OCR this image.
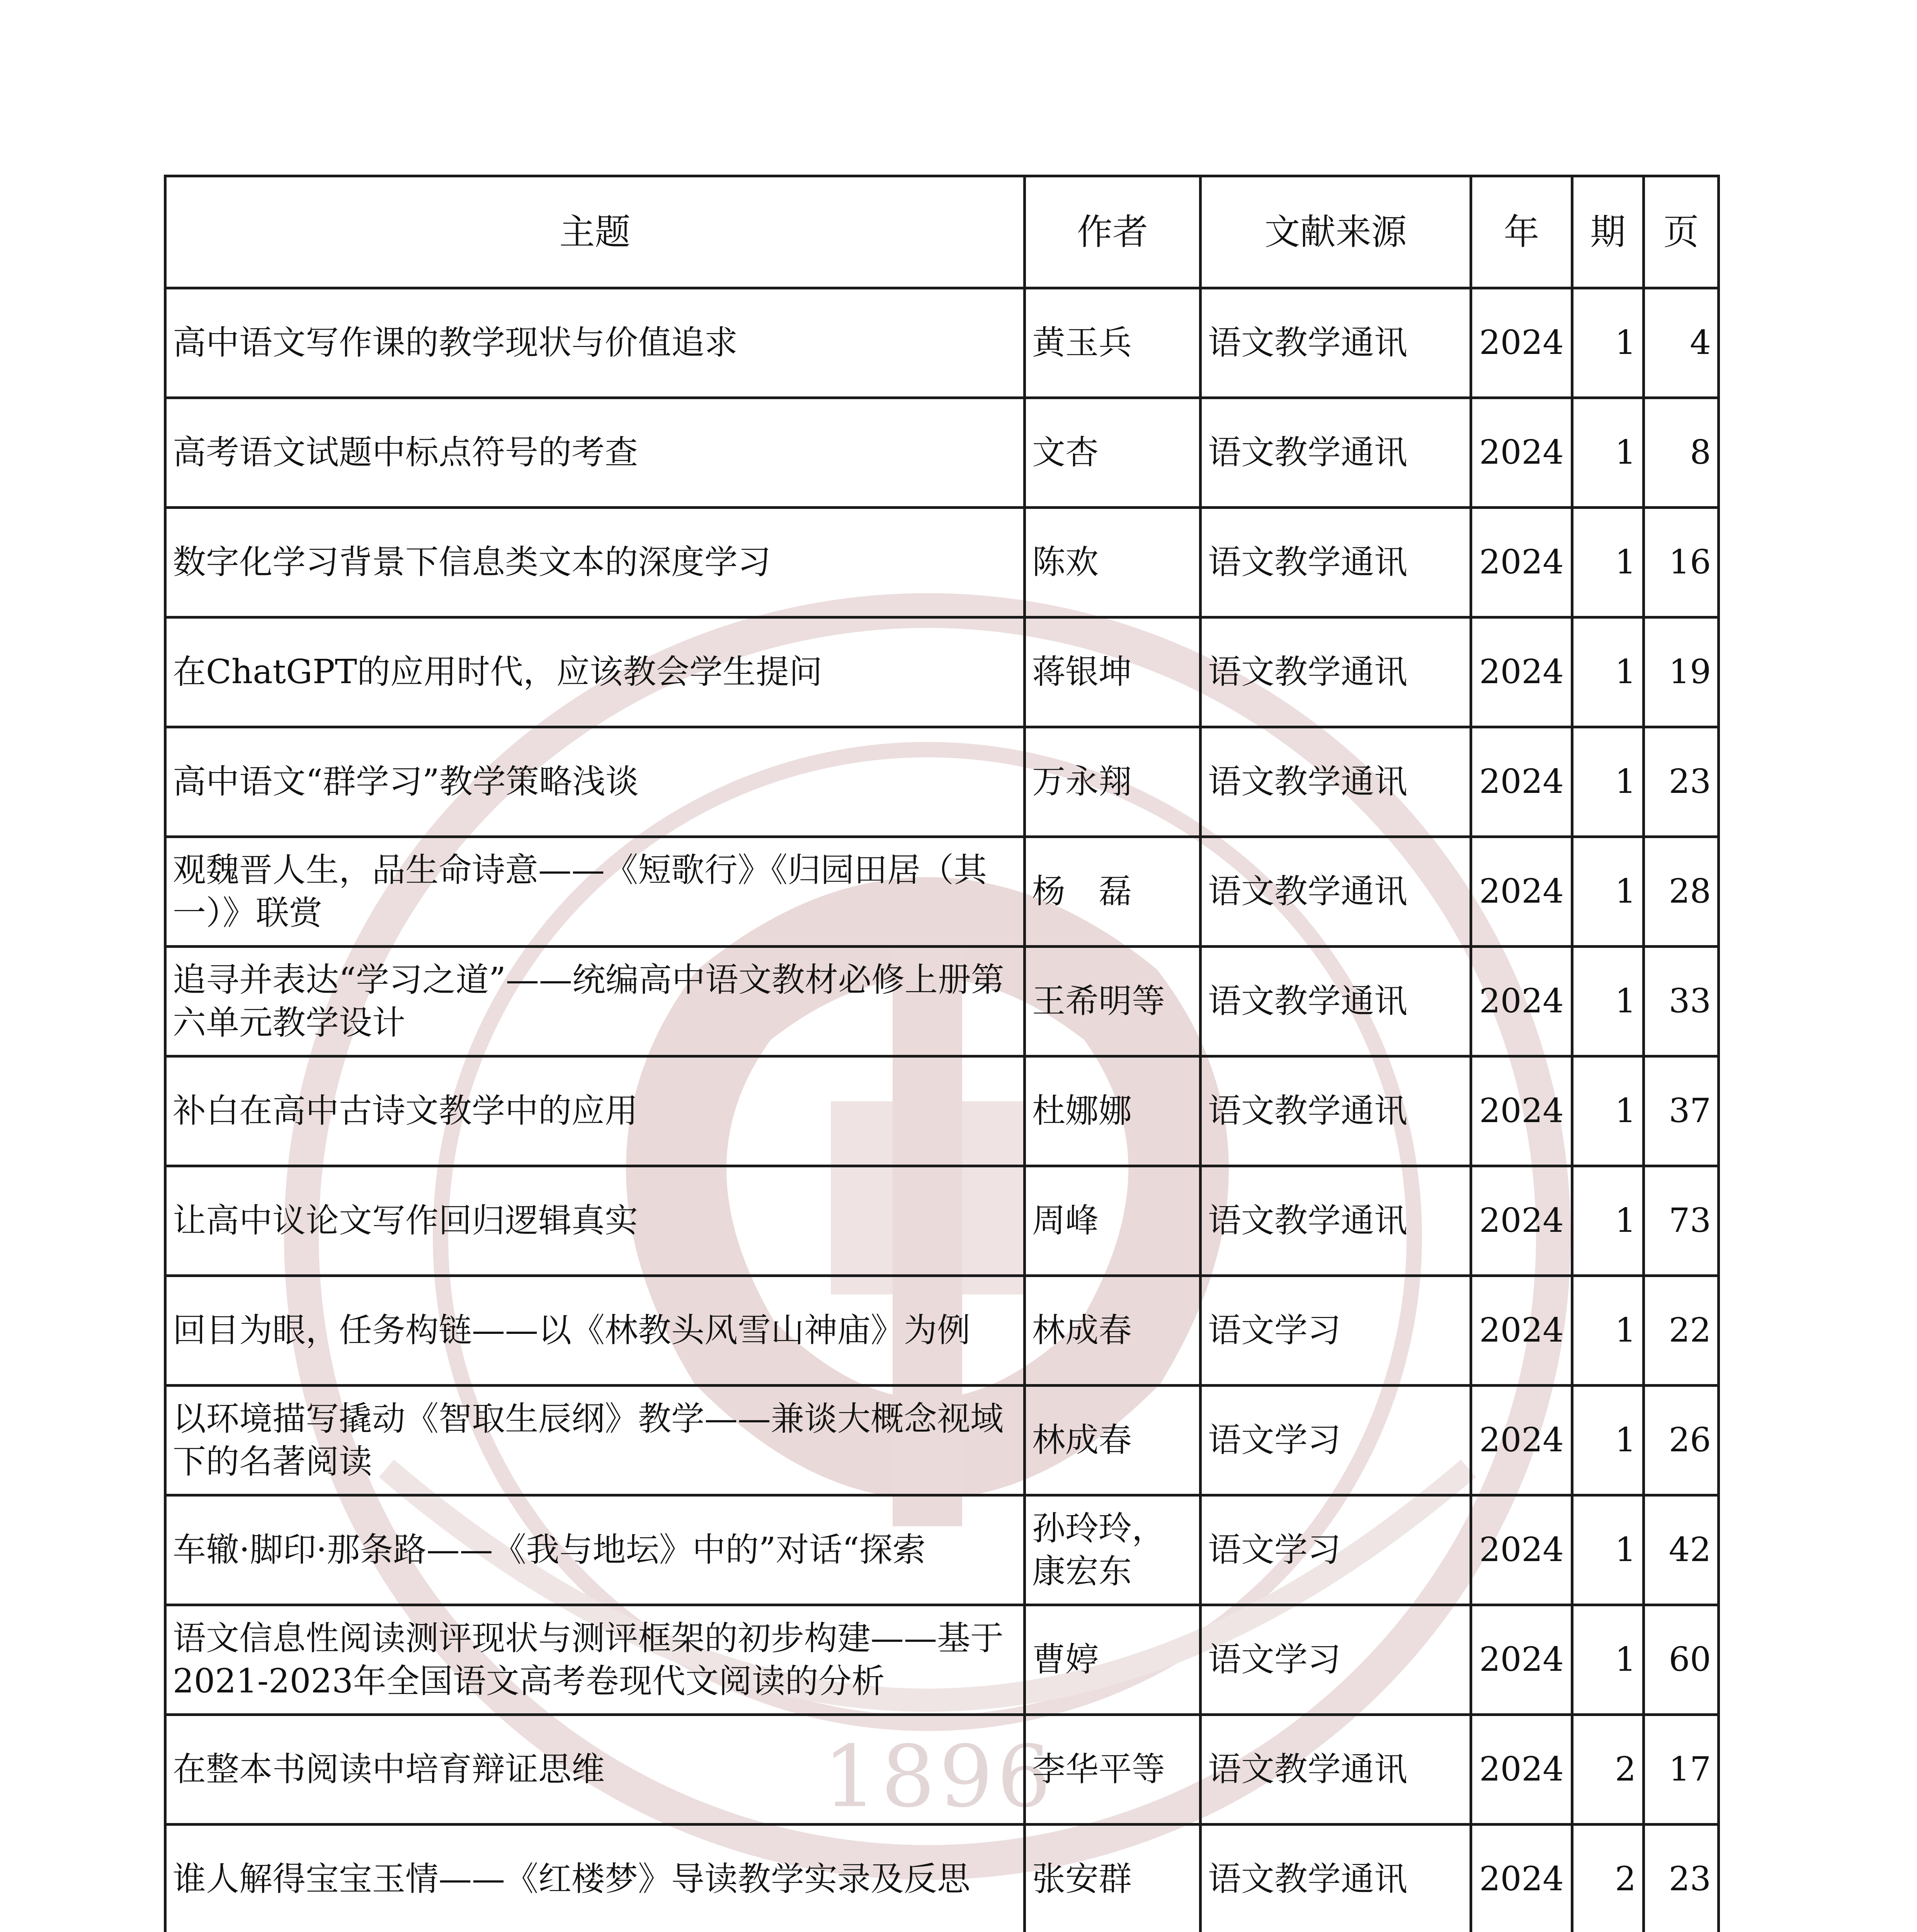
1896
主题	作者	文献来源	年	期	页
高中语文写作课的教学现状与价值追求	黄玉兵	语文教学通讯	2024	1	4
高考语文试题中标点符号的考查	文杏	语文教学通讯	2024	1	8
数字化学习背景下信息类文本的深度学习	陈欢	语文教学通讯	2024	1	16
在ChatGPT的应用时代，应该教会学生提问	蒋银坤	语文教学通讯	2024	1	19
高中语文“群学习”教学策略浅谈	万永翔	语文教学通讯	2024	1	23
观魏晋人生，品生命诗意——《短歌行》《归园田居（其一）》联赏	杨　磊	语文教学通讯	2024	1	28
追寻并表达“学习之道”——统编高中语文教材必修上册第六单元教学设计	王希明等	语文教学通讯	2024	1	33
补白在高中古诗文教学中的应用	杜娜娜	语文教学通讯	2024	1	37
让高中议论文写作回归逻辑真实	周峰	语文教学通讯	2024	1	73
回目为眼，任务构链——以《林教头风雪山神庙》为例	林成春	语文学习	2024	1	22
以环境描写撬动《智取生辰纲》教学——兼谈大概念视域下的名著阅读	林成春	语文学习	2024	1	26
车辙·脚印·那条路——《我与地坛》中的”对话“探索	孙玲玲，康宏东	语文学习	2024	1	42
语文信息性阅读测评现状与测评框架的初步构建——基于2021-2023年全国语文高考卷现代文阅读的分析	曹婷	语文学习	2024	1	60
在整本书阅读中培育辩证思维	李华平等	语文教学通讯	2024	2	17
谁人解得宝宝玉情——《红楼梦》导读教学实录及反思	张安群	语文教学通讯	2024	2	23
